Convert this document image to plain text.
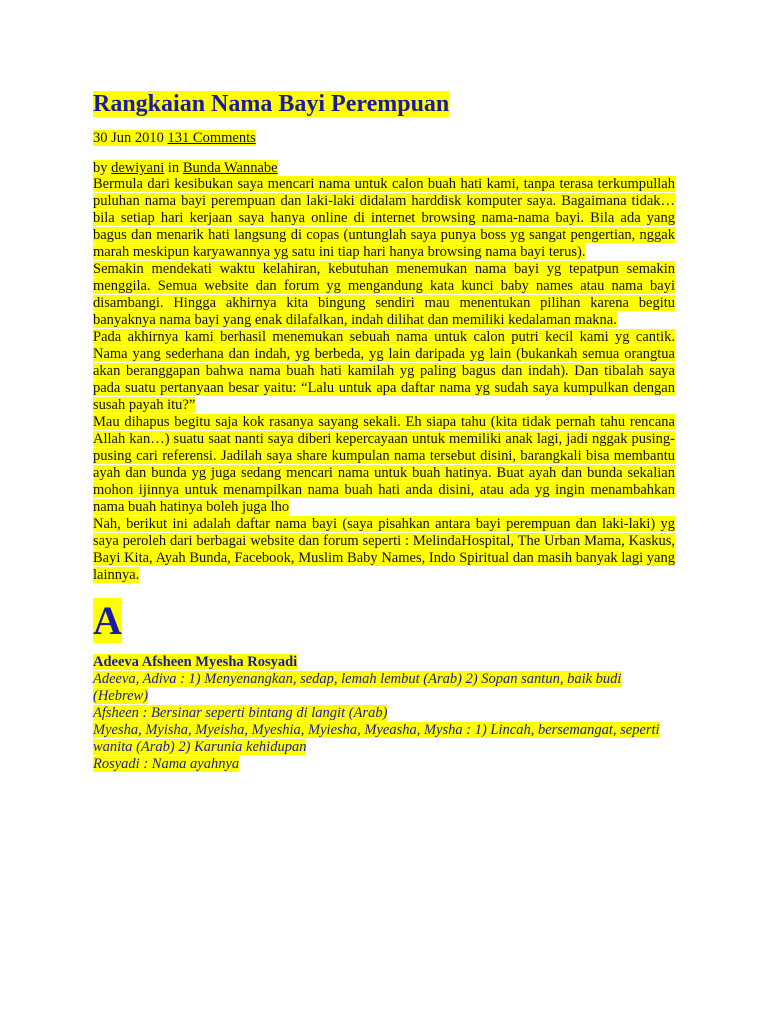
Rangkaian Nama Bayi Perempuan
30 Jun 2010 131 Comments
by dewiyani in Bunda Wannabe

Bermula dari kesibukan saya mencari nama untuk calon buah hati kami, tanpa terasa terkumpullah puluhan nama bayi perempuan dan laki-laki didalam harddisk komputer saya. Bagaimana tidak… bila setiap hari kerjaan saya hanya online di internet browsing nama-nama bayi. Bila ada yang bagus dan menarik hati langsung di copas (untunglah saya punya boss yg sangat pengertian, nggak marah meskipun karyawannya yg satu ini tiap hari hanya browsing nama bayi terus).

Semakin mendekati waktu kelahiran, kebutuhan menemukan nama bayi yg tepatpun semakin menggila. Semua website dan forum yg mengandung kata kunci baby names atau nama bayi disambangi. Hingga akhirnya kita bingung sendiri mau menentukan pilihan karena begitu banyaknya nama bayi yang enak dilafalkan, indah dilihat dan memiliki kedalaman makna.

Pada akhirnya kami berhasil menemukan sebuah nama untuk calon putri kecil kami yg cantik. Nama yang sederhana dan indah, yg berbeda, yg lain daripada yg lain (bukankah semua orangtua akan beranggapan bahwa nama buah hati kamilah yg paling bagus dan indah). Dan tibalah saya pada suatu pertanyaan besar yaitu: “Lalu untuk apa daftar nama yg sudah saya kumpulkan dengan susah payah itu?”

Mau dihapus begitu saja kok rasanya sayang sekali. Eh siapa tahu (kita tidak pernah tahu rencana Allah kan…) suatu saat nanti saya diberi kepercayaan untuk memiliki anak lagi, jadi nggak pusing-pusing cari referensi. Jadilah saya share kumpulan nama tersebut disini, barangkali bisa membantu ayah dan bunda yg juga sedang mencari nama untuk buah hatinya. Buat ayah dan bunda sekalian mohon ijinnya untuk menampilkan nama buah hati anda disini, atau ada yg ingin menambahkan nama buah hatinya boleh juga lho

Nah, berikut ini adalah daftar nama bayi (saya pisahkan antara bayi perempuan dan laki-laki) yg saya peroleh dari berbagai website dan forum seperti : MelindaHospital, The Urban Mama, Kaskus, Bayi Kita, Ayah Bunda, Facebook, Muslim Baby Names, Indo Spiritual dan masih banyak lagi yang lainnya.

A

Adeeva Afsheen Myesha Rosyadi

Adeeva, Adiva : 1) Menyenangkan, sedap, lemah lembut (Arab) 2) Sopan santun, baik budi (Hebrew)

Afsheen : Bersinar seperti bintang di langit (Arab)

Myesha, Myisha, Myeisha, Myeshia, Myiesha, Myeasha, Mysha : 1) Lincah, bersemangat, seperti wanita (Arab) 2) Karunia kehidupan

Rosyadi : Nama ayahnya
